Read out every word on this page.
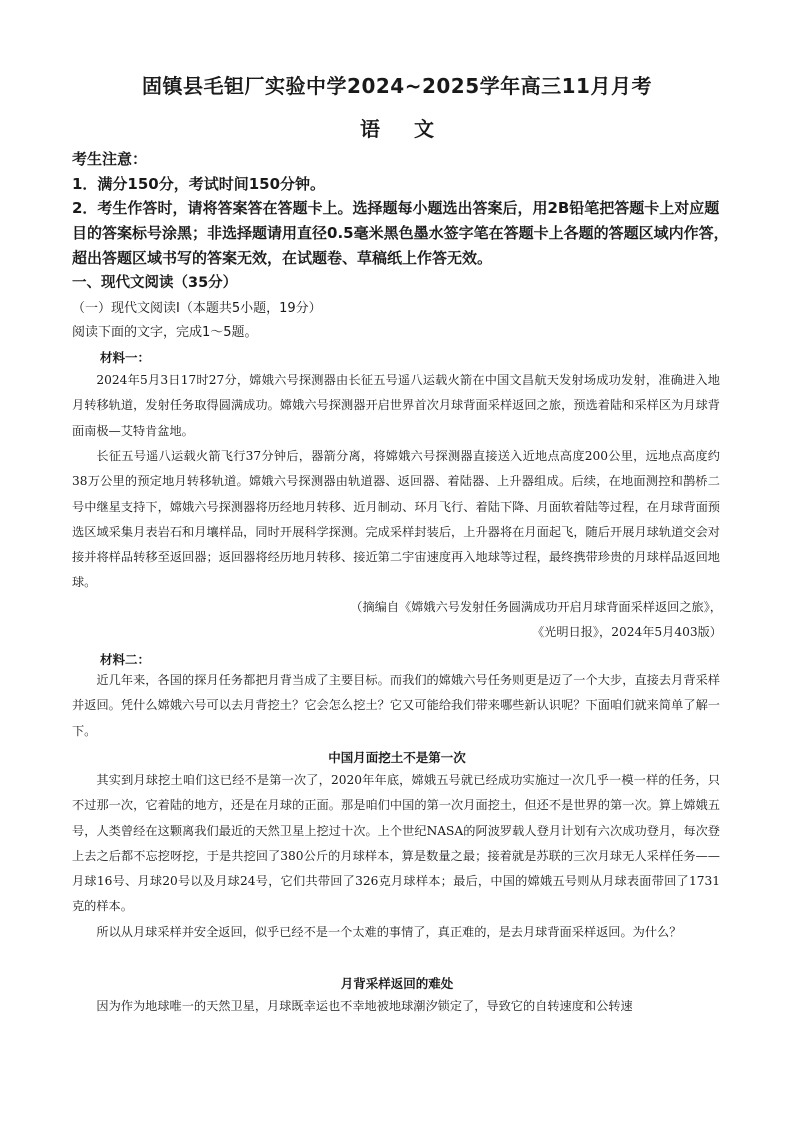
固镇县毛钽厂实验中学2024~2025学年高三11月月考
语文
考生注意：
1．满分150分，考试时间150分钟。
2．考生作答时，请将答案答在答题卡上。选择题每小题选出答案后，用2B铅笔把答题卡上对应题目的答案标号涂黑；非选择题请用直径0.5毫米黑色墨水签字笔在答题卡上各题的答题区域内作答，超出答题区域书写的答案无效，在试题卷、草稿纸上作答无效。
一、现代文阅读（35分）
（一）现代文阅读Ⅰ（本题共5小题，19分）
阅读下面的文字，完成1～5题。
材料一：
2024年5月3日17时27分，嫦娥六号探测器由长征五号遥八运载火箭在中国文昌航天发射场成功发射，准确进入地月转移轨道，发射任务取得圆满成功。嫦娥六号探测器开启世界首次月球背面采样返回之旅，预选着陆和采样区为月球背面南极—艾特肯盆地。
长征五号遥八运载火箭飞行37分钟后，器箭分离，将嫦娥六号探测器直接送入近地点高度200公里，远地点高度约38万公里的预定地月转移轨道。嫦娥六号探测器由轨道器、返回器、着陆器、上升器组成。后续，在地面测控和鹊桥二号中继星支持下，嫦娥六号探测器将历经地月转移、近月制动、环月飞行、着陆下降、月面软着陆等过程，在月球背面预选区域采集月表岩石和月壤样品，同时开展科学探测。完成采样封装后，上升器将在月面起飞，随后开展月球轨道交会对接并将样品转移至返回器；返回器将经历地月转移、接近第二宇宙速度再入地球等过程，最终携带珍贵的月球样品返回地球。
（摘编自《嫦娥六号发射任务圆满成功开启月球背面采样返回之旅》，
《光明日报》，2024年5月403版）
材料二：
近几年来，各国的探月任务都把月背当成了主要目标。而我们的嫦娥六号任务则更是迈了一个大步，直接去月背采样并返回。凭什么嫦娥六号可以去月背挖土？它会怎么挖土？它又可能给我们带来哪些新认识呢？下面咱们就来简单了解一下。
中国月面挖土不是第一次
其实到月球挖土咱们这已经不是第一次了，2020年年底，嫦娥五号就已经成功实施过一次几乎一模一样的任务，只不过那一次，它着陆的地方，还是在月球的正面。那是咱们中国的第一次月面挖土，但还不是世界的第一次。算上嫦娥五号，人类曾经在这颗离我们最近的天然卫星上挖过十次。上个世纪NASA的阿波罗载人登月计划有六次成功登月，每次登上去之后都不忘挖呀挖，于是共挖回了380公斤的月球样本，算是数量之最；接着就是苏联的三次月球无人采样任务——月球16号、月球20号以及月球24号，它们共带回了326克月球样本；最后，中国的嫦娥五号则从月球表面带回了1731克的样本。
所以从月球采样并安全返回，似乎已经不是一个太难的事情了，真正难的，是去月球背面采样返回。为什么？
月背采样返回的难处
因为作为地球唯一的天然卫星，月球既幸运也不幸地被地球潮汐锁定了，导致它的自转速度和公转速
